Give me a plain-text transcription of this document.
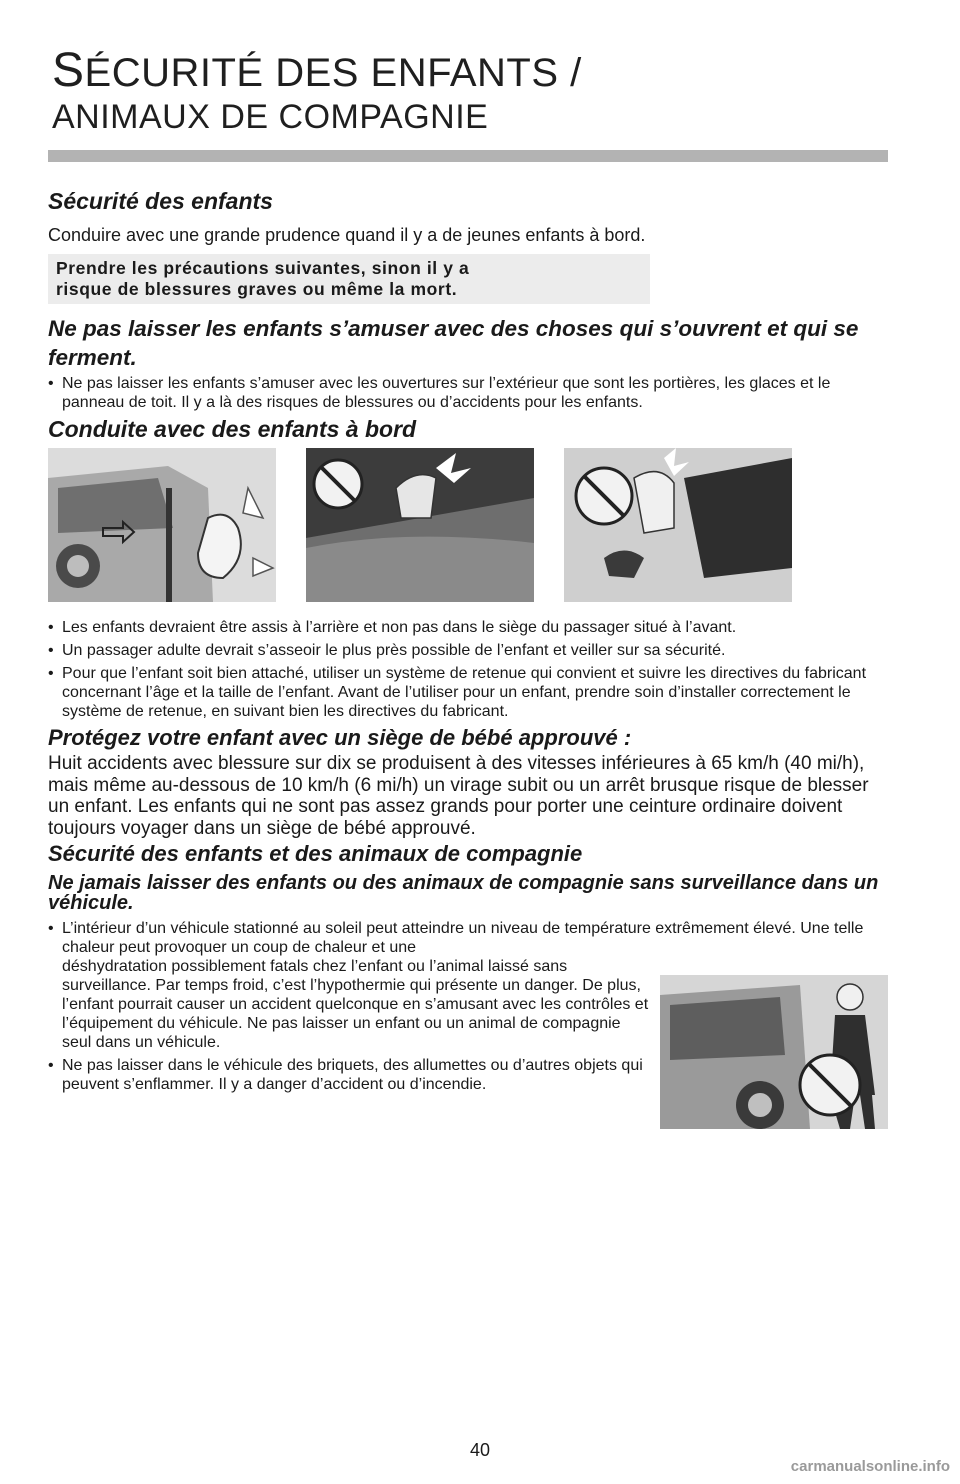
SÉCURITÉ DES ENFANTS /
ANIMAUX DE COMPAGNIE
Sécurité des enfants

Conduire avec une grande prudence quand il y a de jeunes enfants à bord.

Prendre les précautions suivantes, sinon il y a
risque de blessures graves ou même la mort.
Ne pas laisser les enfants s’amuser avec des choses qui s’ouvrent et qui se ferment.
• Ne pas laisser les enfants s’amuser avec les ouvertures sur l’extérieur que sont les portières, les glaces et le panneau de toit. Il y a là des risques de blessures ou d’accidents pour les enfants.
Conduite avec des enfants à bord
• Les enfants devraient être assis à l’arrière et non pas dans le siège du passager situé à l’avant.
• Un passager adulte devrait s’asseoir le plus près possible de l’enfant et veiller sur sa sécurité.
• Pour que l’enfant soit bien attaché, utiliser un système de retenue qui convient et suivre les directives du fabricant concernant l’âge et la taille de l’enfant. Avant de l’utiliser pour un enfant, prendre soin d’installer correctement le système de retenue, en suivant bien les directives du fabricant.
Protégez votre enfant avec un siège de bébé approuvé :

Huit accidents avec blessure sur dix se produisent à des vitesses inférieures à 65 km/h (40 mi/h), mais même au-dessous de 10 km/h (6 mi/h) un virage subit ou un arrêt brusque risque de blesser un enfant. Les enfants qui ne sont pas assez grands pour porter une ceinture ordinaire doivent toujours voyager dans un siège de bébé approuvé.

Sécurité des enfants et des animaux de compagnie
Ne jamais laisser des enfants ou des animaux de compagnie sans surveillance dans un véhicule.
• L’intérieur d’un véhicule stationné au soleil peut atteindre un niveau de température extrêmement élevé. Une telle chaleur peut provoquer un coup de chaleur et une
déshydratation possiblement fatals chez l’enfant ou l’animal laissé sans surveillance. Par temps froid, c’est l’hypothermie qui présente un danger. De plus, l’enfant pourrait causer un accident quelconque en s’amusant avec les contrôles et l’équipement du véhicule. Ne pas laisser un enfant ou un animal de compagnie seul dans un véhicule.
• Ne pas laisser dans le véhicule des briquets, des allumettes ou d’autres objets qui
peuvent s’enflammer. Il y a danger d’accident ou d’incendie.
40
carmanualsonline.info
